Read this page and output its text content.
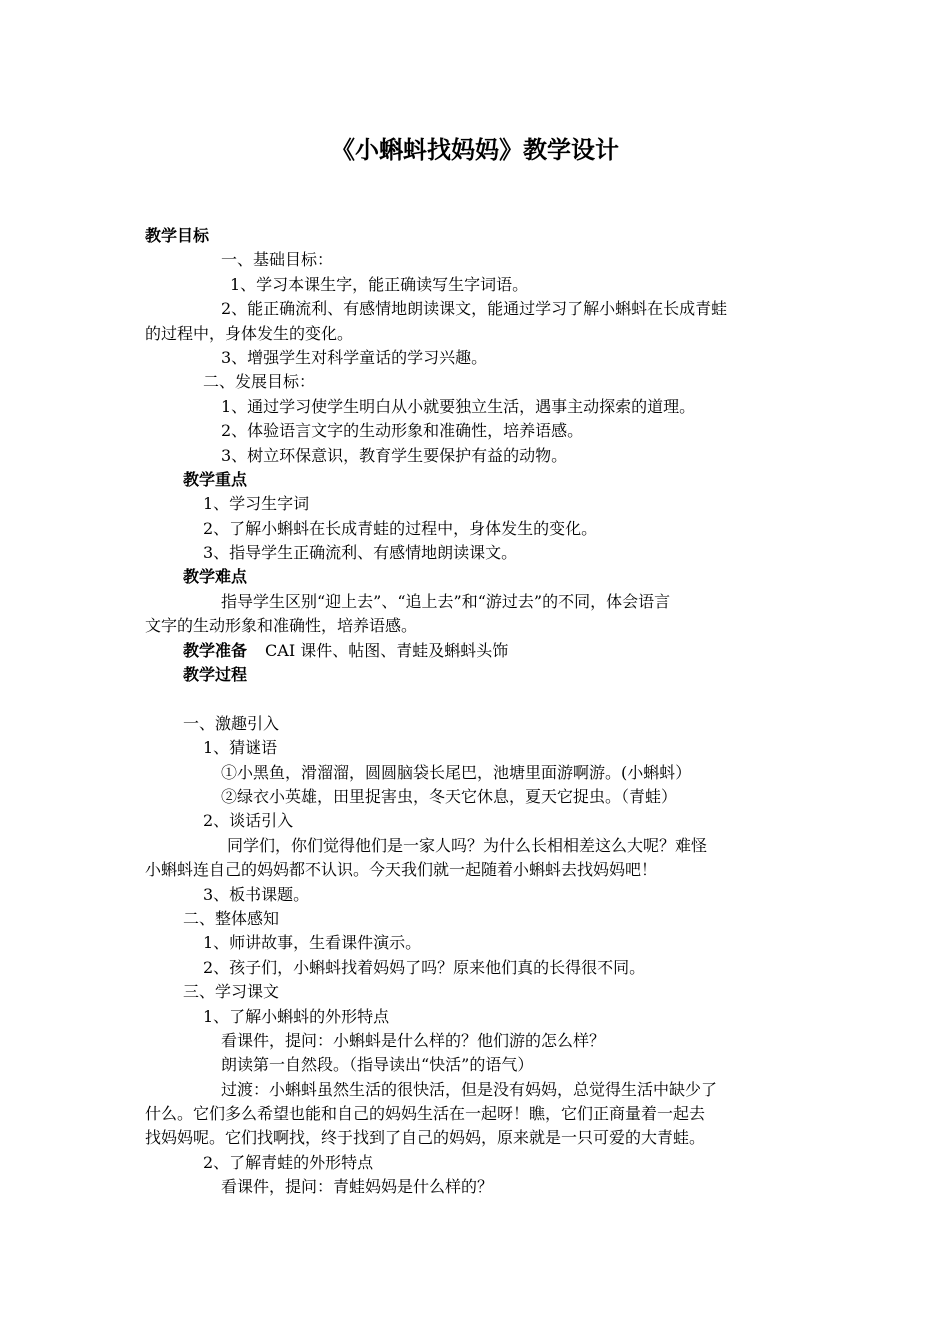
《小蝌蚪找妈妈》教学设计
教学目标
一、基础目标：
1、学习本课生字，能正确读写生字词语。
2、能正确流利、有感情地朗读课文，能通过学习了解小蝌蚪在长成青蛙
的过程中，身体发生的变化。
3、增强学生对科学童话的学习兴趣。
二、发展目标：
1、通过学习使学生明白从小就要独立生活，遇事主动探索的道理。
2、体验语言文字的生动形象和准确性，培养语感。
3、树立环保意识，教育学生要保护有益的动物。
教学重点
1、学习生字词
2、了解小蝌蚪在长成青蛙的过程中，身体发生的变化。
3、指导学生正确流利、有感情地朗读课文。
教学难点
指导学生区别“迎上去”、“追上去”和“游过去”的不同，体会语言
文字的生动形象和准确性，培养语感。
教学准备 CAI 课件、帖图、青蛙及蝌蚪头饰
教学过程
一、激趣引入
1、猜谜语
①小黑鱼，滑溜溜，圆圆脑袋长尾巴，池塘里面游啊游。(小蝌蚪）
②绿衣小英雄，田里捉害虫，冬天它休息，夏天它捉虫。（青蛙）
2、谈话引入
同学们，你们觉得他们是一家人吗？为什么长相相差这么大呢？难怪
小蝌蚪连自己的妈妈都不认识。今天我们就一起随着小蝌蚪去找妈妈吧！
3、板书课题。
二、整体感知
1、师讲故事，生看课件演示。
2、孩子们，小蝌蚪找着妈妈了吗？原来他们真的长得很不同。
三、学习课文
1、了解小蝌蚪的外形特点
看课件，提问：小蝌蚪是什么样的？他们游的怎么样？
朗读第一自然段。（指导读出“快活”的语气）
过渡：小蝌蚪虽然生活的很快活，但是没有妈妈，总觉得生活中缺少了
什么。它们多么希望也能和自己的妈妈生活在一起呀！瞧，它们正商量着一起去
找妈妈呢。它们找啊找，终于找到了自己的妈妈，原来就是一只可爱的大青蛙。
2、了解青蛙的外形特点
看课件，提问：青蛙妈妈是什么样的？
